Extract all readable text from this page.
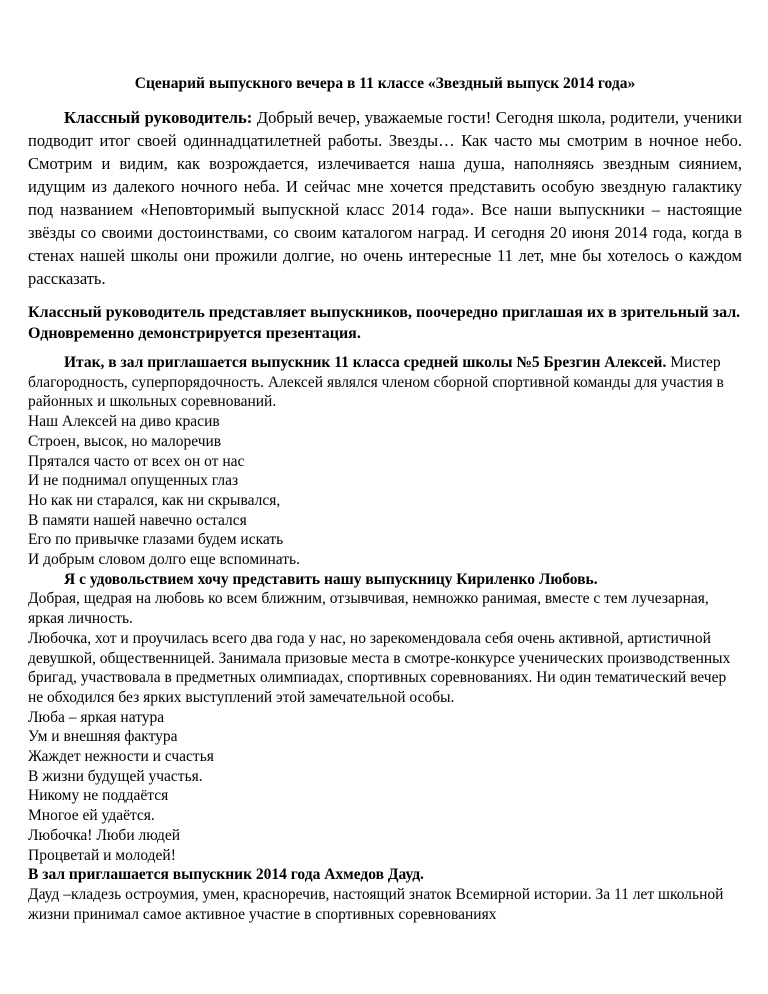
Сценарий выпускного вечера в 11 классе «Звездный выпуск 2014 года»

Классный руководитель: Добрый вечер, уважаемые гости! Сегодня школа, родители, ученики подводит итог своей одиннадцатилетней работы. Звезды… Как часто мы смотрим в ночное небо. Смотрим и видим, как возрождается, излечивается наша душа, наполняясь звездным сиянием, идущим из далекого ночного неба. И сейчас мне хочется представить особую звездную галактику под названием «Неповторимый выпускной класс 2014 года». Все наши выпускники – настоящие звёзды со своими достоинствами, со своим каталогом наград. И сегодня 20 июня 2014 года, когда в стенах нашей школы они прожили долгие, но очень интересные 11 лет, мне бы хотелось о каждом рассказать.

Классный руководитель представляет выпускников, поочередно приглашая их в зрительный зал. Одновременно демонстрируется презентация.

Итак, в зал приглашается выпускник 11 класса средней школы №5 Брезгин Алексей. Мистер благородность, суперпорядочность. Алексей являлся членом сборной спортивной команды для участия в районных и школьных соревнований.

Наш Алексей на диво красив
Строен, высок, но малоречив
Прятался часто от всех он от нас
И не поднимал опущенных глаз
Но как ни старался, как ни скрывался,
В памяти нашей навечно остался
Его по привычке глазами будем искать
И добрым словом долго еще вспоминать.

Я с удовольствием хочу представить нашу выпускницу Кириленко Любовь.

Добрая, щедрая на любовь ко всем ближним, отзывчивая, немножко ранимая, вместе с тем лучезарная, яркая личность.

Любочка, хот и проучилась всего два года у нас, но зарекомендовала себя очень активной, артистичной девушкой, общественницей. Занимала призовые места в смотре-конкурсе ученических производственных бригад, участвовала в предметных олимпиадах, спортивных соревнованиях. Ни один тематический вечер не обходился без ярких выступлений этой замечательной особы.

Люба – яркая натура
Ум и внешняя фактура
Жаждет нежности и счастья
В жизни будущей участья.
Никому не поддаётся
Многое ей удаётся.
Любочка! Люби людей
Процветай и молодей!

В зал приглашается выпускник 2014 года Ахмедов Дауд.

Дауд –кладезь остроумия, умен, красноречив, настоящий знаток Всемирной истории. За 11 лет школьной жизни принимал самое активное участие в спортивных соревнованиях
